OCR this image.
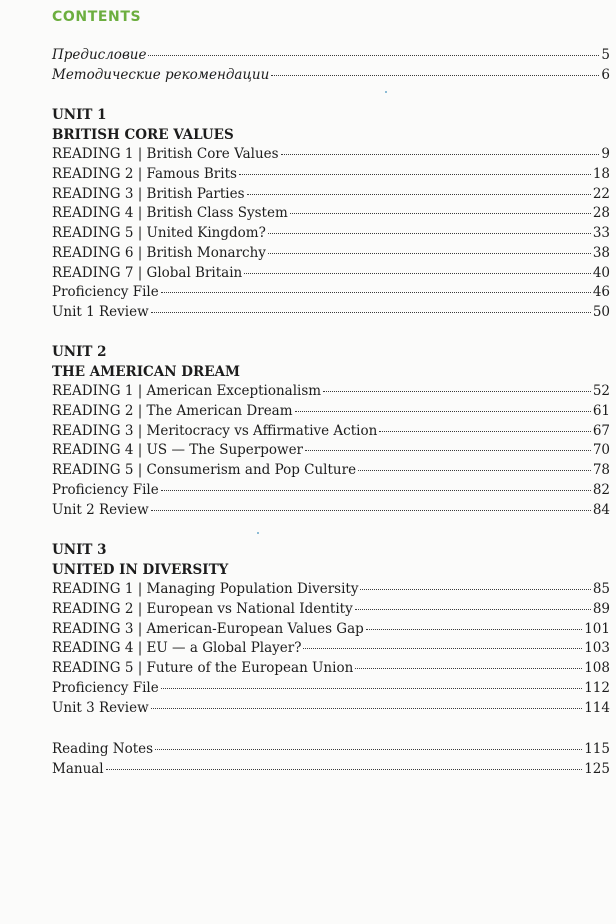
CONTENTS
Предисловие	5
Методические рекомендации	6
UNIT 1
BRITISH CORE VALUES
READING 1 | British Core Values	9
READING 2 | Famous Brits	18
READING 3 | British Parties	22
READING 4 | British Class System	28
READING 5 | United Kingdom?	33
READING 6 | British Monarchy	38
READING 7 | Global Britain	40
Proficiency File	46
Unit 1 Review	50
UNIT 2
THE AMERICAN DREAM
READING 1 | American Exceptionalism	52
READING 2 | The American Dream	61
READING 3 | Meritocracy vs Affirmative Action	67
READING 4 | US — The Superpower	70
READING 5 | Consumerism and Pop Culture	78
Proficiency File	82
Unit 2 Review	84
UNIT 3
UNITED IN DIVERSITY
READING 1 | Managing Population Diversity	85
READING 2 | European vs National Identity	89
READING 3 | American-European Values Gap	101
READING 4 | EU — a Global Player?	103
READING 5 | Future of the European Union	108
Proficiency File	112
Unit 3 Review	114
Reading Notes	115
Manual	125
